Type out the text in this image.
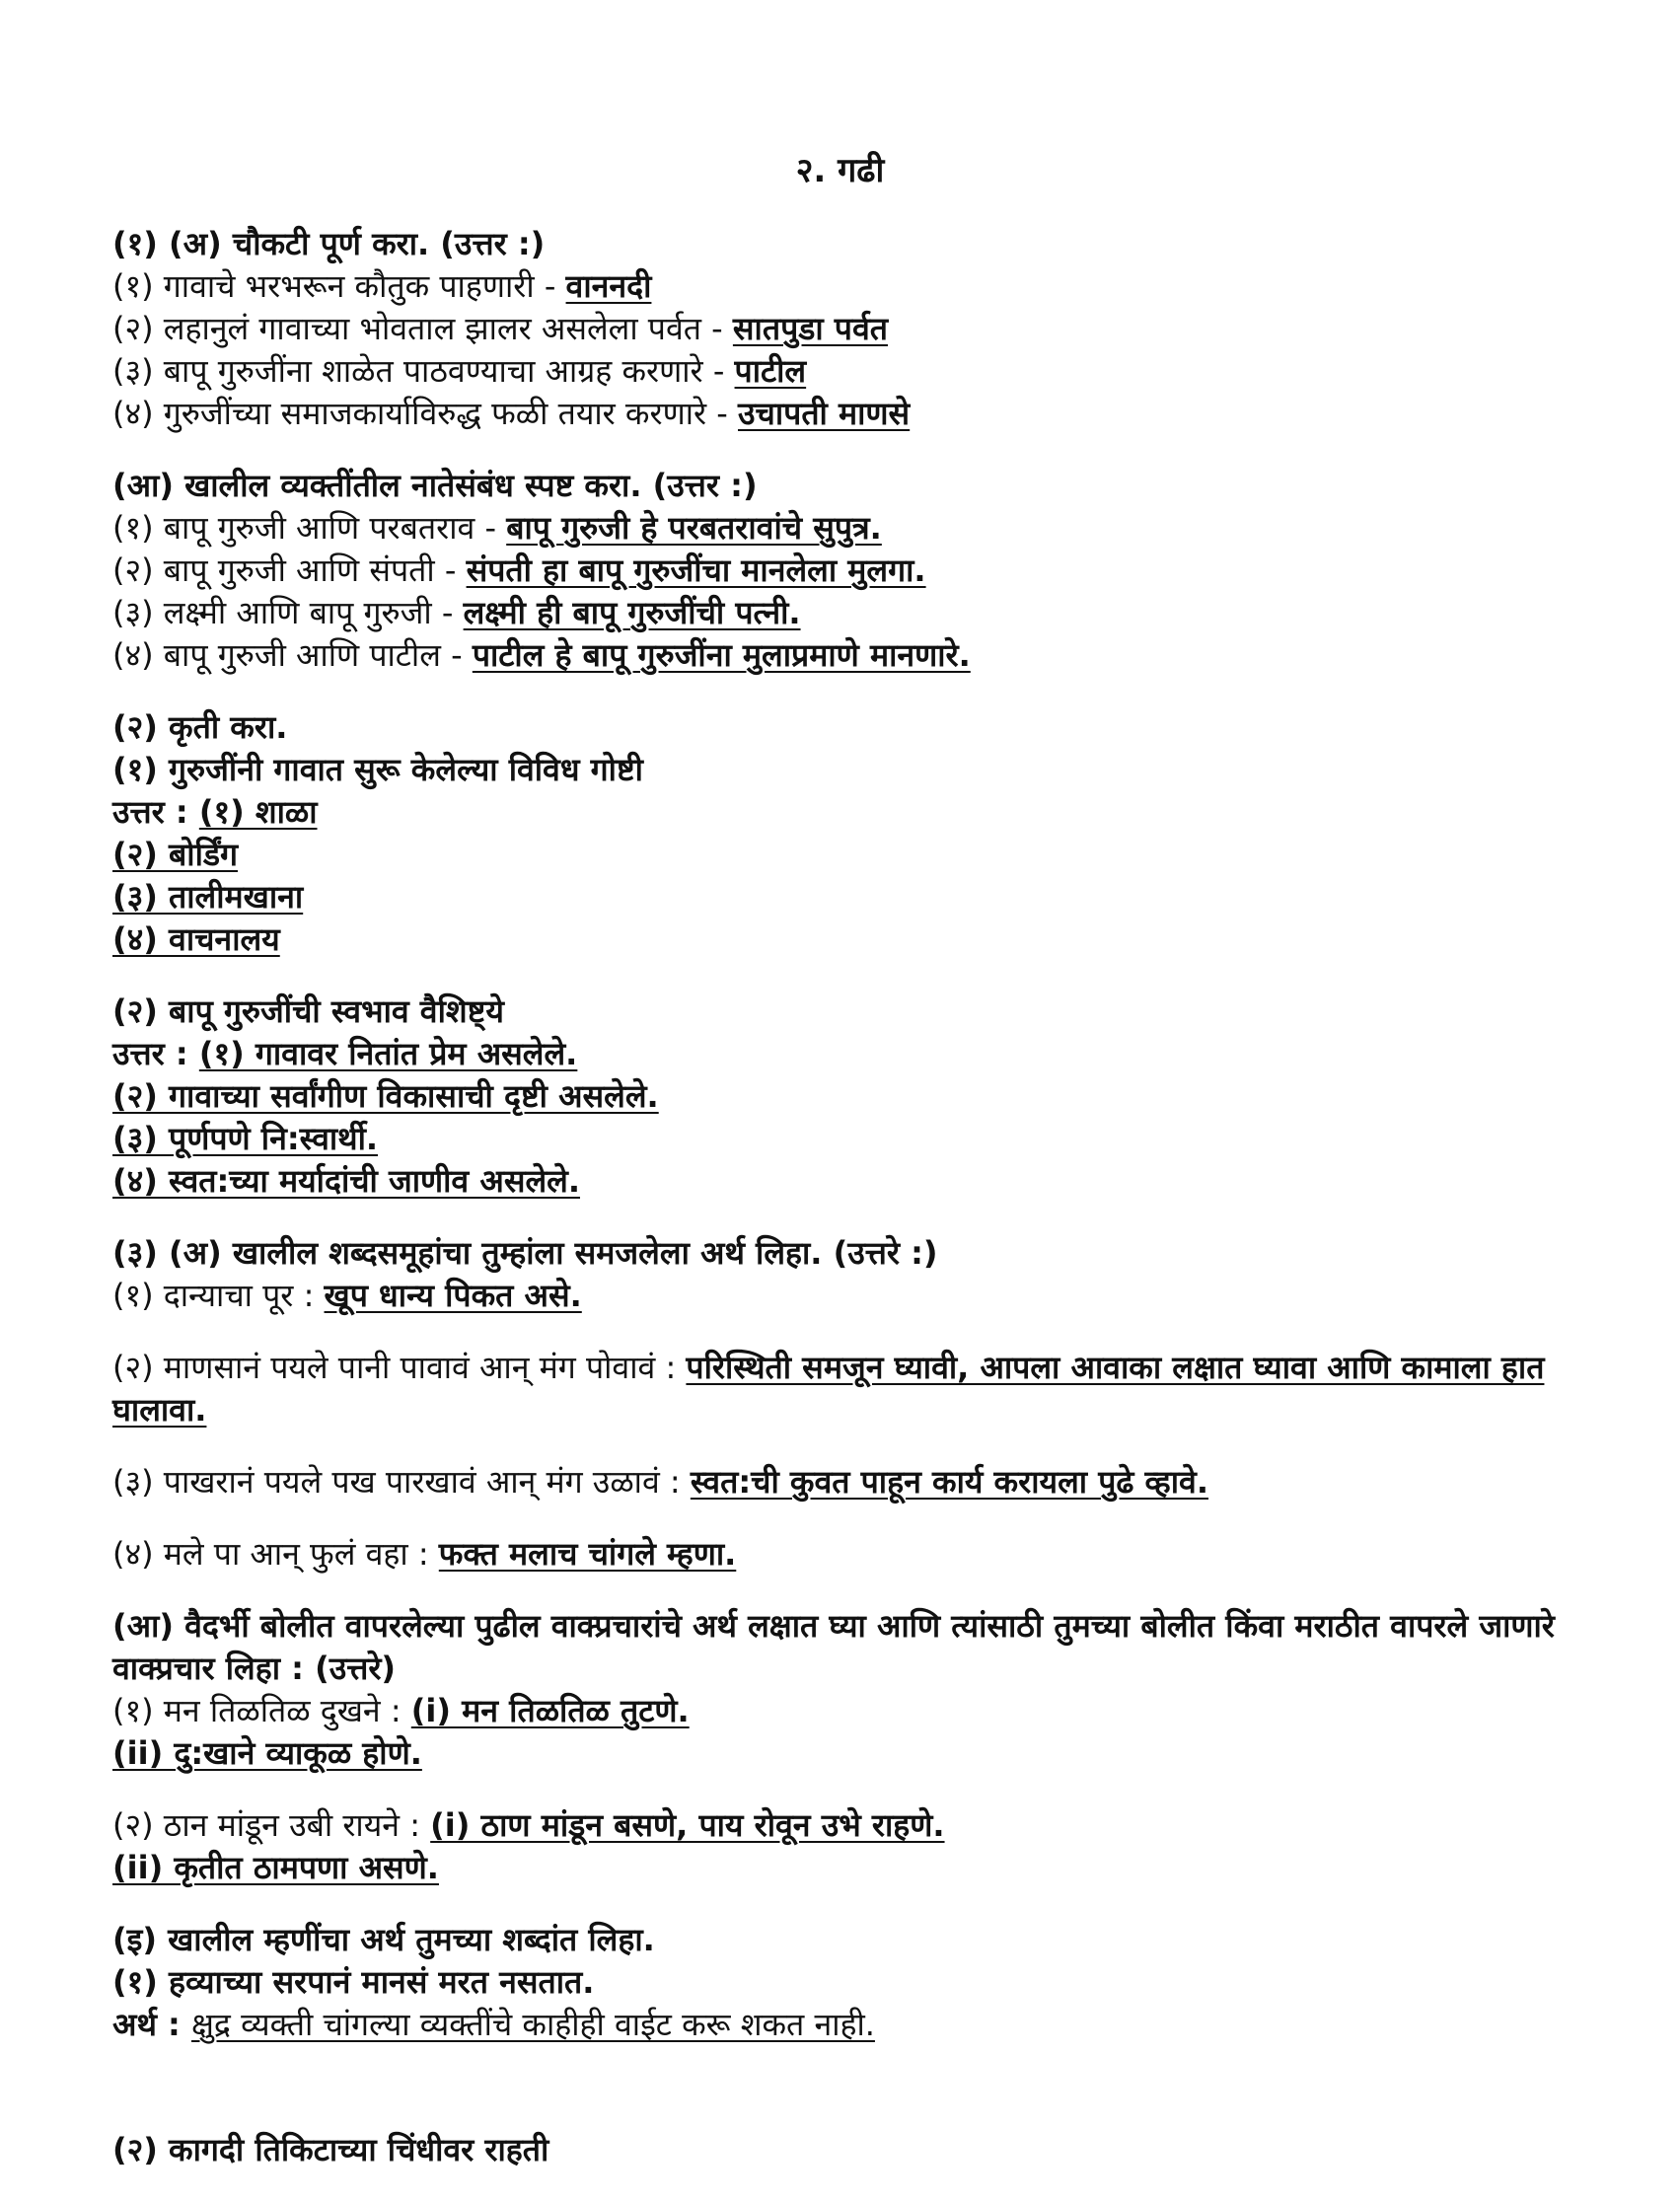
२. गढी

(१) (अ) चौकटी पूर्ण करा. (उत्तर :)

(१) गावाचे भरभरून कौतुक पाहणारी - वाननदी

(२) लहानुलं गावाच्या भोवताल झालर असलेला पर्वत - सातपुडा पर्वत

(३) बापू गुरुजींना शाळेत पाठवण्याचा आग्रह करणारे - पाटील

(४) गुरुजींच्या समाजकार्याविरुद्ध फळी तयार करणारे - उचापती माणसे

(आ) खालील व्यक्तींतील नातेसंबंध स्पष्ट करा. (उत्तर :)

(१) बापू गुरुजी आणि परबतराव - बापू गुरुजी हे परबतरावांचे सुपुत्र.

(२) बापू गुरुजी आणि संपती - संपती हा बापू गुरुजींचा मानलेला मुलगा.

(३) लक्ष्मी आणि बापू गुरुजी - लक्ष्मी ही बापू गुरुजींची पत्नी.

(४) बापू गुरुजी आणि पाटील - पाटील हे बापू गुरुजींना मुलाप्रमाणे मानणारे.

(२) कृती करा.

(१) गुरुजींनी गावात सुरू केलेल्या विविध गोष्टी

उत्तर : (१) शाळा

(२) बोर्डिंग

(३) तालीमखाना

(४) वाचनालय

(२) बापू गुरुजींची स्वभाव वैशिष्ट्ये

उत्तर : (१) गावावर नितांत प्रेम असलेले.

(२) गावाच्या सर्वांगीण विकासाची दृष्टी असलेले.

(३) पूर्णपणे नि:स्वार्थी.

(४) स्वत:च्या मर्यादांची जाणीव असलेले.

(३) (अ) खालील शब्दसमूहांचा तुम्हांला समजलेला अर्थ लिहा. (उत्तरे :)

(१) दान्याचा पूर : खूप धान्य पिकत असे.

(२) माणसानं पयले पानी पावावं आन् मंग पोवावं : परिस्थिती समजून घ्यावी, आपला आवाका लक्षात घ्यावा आणि कामाला हात घालावा.

(३) पाखरानं पयले पख पारखावं आन् मंग उळावं : स्वत:ची कुवत पाहून कार्य करायला पुढे व्हावे.

(४) मले पा आन् फुलं वहा : फक्त मलाच चांगले म्हणा.

(आ) वैदर्भी बोलीत वापरलेल्या पुढील वाक्प्रचारांचे अर्थ लक्षात घ्या आणि त्यांसाठी तुमच्या बोलीत किंवा मराठीत वापरले जाणारे वाक्प्रचार लिहा : (उत्तरे)

(१) मन तिळतिळ दुखने : (i) मन तिळतिळ तुटणे.

(ii) दु:खाने व्याकूळ होणे.

(२) ठान मांडून उबी रायने : (i) ठाण मांडून बसणे, पाय रोवून उभे राहणे.

(ii) कृतीत ठामपणा असणे.

(इ) खालील म्हणींचा अर्थ तुमच्या शब्दांत लिहा.

(१) हव्याच्या सरपानं मानसं मरत नसतात.

अर्थ : क्षुद्र व्यक्ती चांगल्या व्यक्तींचे काहीही वाईट करू शकत नाही.

(२) कागदी तिकिटाच्या चिंधीवर राहती
